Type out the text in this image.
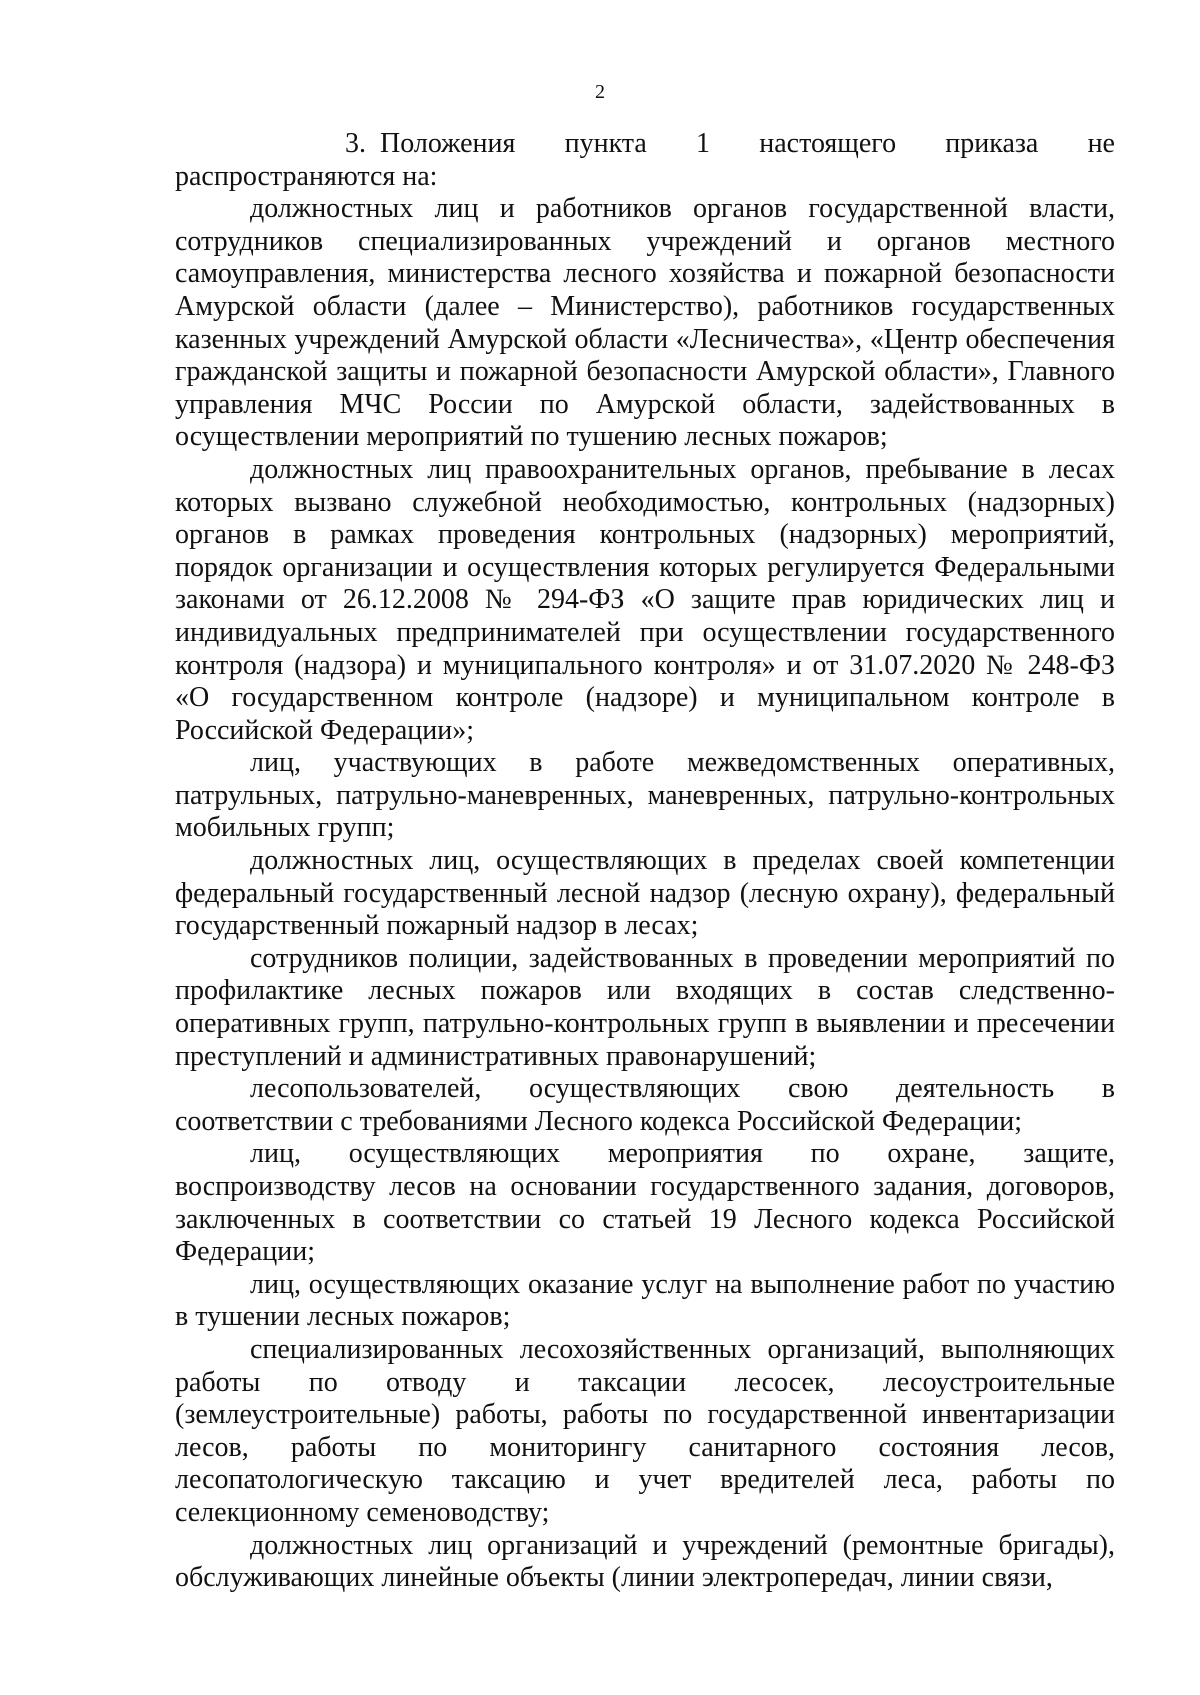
2

3. Положения пункта 1 настоящего приказа не распространяются на:

должностных лиц и работников органов государственной власти, сотрудников специализированных учреждений и органов местного самоуправления, министерства лесного хозяйства и пожарной безопасности Амурской области (далее – Министерство), работников государственных казенных учреждений Амурской области «Лесничества», «Центр обеспечения гражданской защиты и пожарной безопасности Амурской области», Главного управления МЧС России по Амурской области, задействованных в осуществлении мероприятий по тушению лесных пожаров;

должностных лиц правоохранительных органов, пребывание в лесах которых вызвано служебной необходимостью, контрольных (надзорных) органов в рамках проведения контрольных (надзорных) мероприятий, порядок организации и осуществления которых регулируется Федеральными законами от 26.12.2008 № 294-ФЗ «О защите прав юридических лиц и индивидуальных предпринимателей при осуществлении государственного контроля (надзора) и муниципального контроля» и от 31.07.2020 № 248-ФЗ «О государственном контроле (надзоре) и муниципальном контроле в Российской Федерации»;

лиц, участвующих в работе межведомственных оперативных, патрульных, патрульно-маневренных, маневренных, патрульно-контрольных мобильных групп;

должностных лиц, осуществляющих в пределах своей компетенции федеральный государственный лесной надзор (лесную охрану), федеральный государственный пожарный надзор в лесах;

сотрудников полиции, задействованных в проведении мероприятий по профилактике лесных пожаров или входящих в состав следственно-оперативных групп, патрульно-контрольных групп в выявлении и пресечении преступлений и административных правонарушений;

лесопользователей, осуществляющих свою деятельность в соответствии с требованиями Лесного кодекса Российской Федерации;

лиц, осуществляющих мероприятия по охране, защите, воспроизводству лесов на основании государственного задания, договоров, заключенных в соответствии со статьей 19 Лесного кодекса Российской Федерации;

лиц, осуществляющих оказание услуг на выполнение работ по участию в тушении лесных пожаров;

специализированных лесохозяйственных организаций, выполняющих работы по отводу и таксации лесосек, лесоустроительные (землеустроительные) работы, работы по государственной инвентаризации лесов, работы по мониторингу санитарного состояния лесов, лесопатологическую таксацию и учет вредителей леса, работы по селекционному семеноводству;

должностных лиц организаций и учреждений (ремонтные бригады), обслуживающих линейные объекты (линии электропередач, линии связи,
